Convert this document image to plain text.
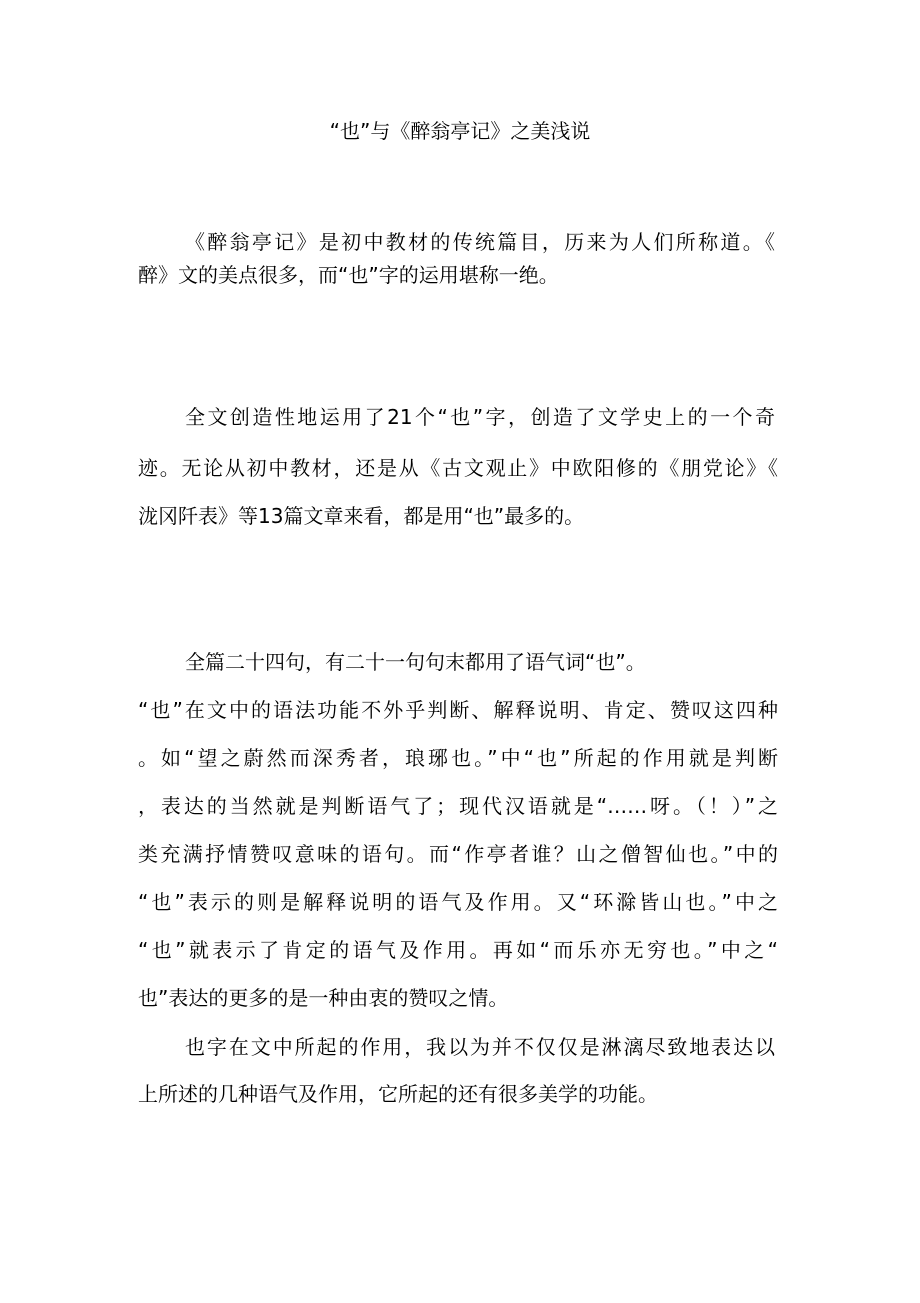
“也”与《醉翁亭记》之美浅说
《醉翁亭记》是初中教材的传统篇目，历来为人们所称道。《
醉》文的美点很多，而“也”字的运用堪称一绝。
全文创造性地运用了21个“也”字，创造了文学史上的一个奇
迹。无论从初中教材，还是从《古文观止》中欧阳修的《朋党论》《
泷冈阡表》等13篇文章来看，都是用“也”最多的。
全篇二十四句，有二十一句句末都用了语气词“也”。
“也”在文中的语法功能不外乎判断、解释说明、肯定、赞叹这四种
。如“望之蔚然而深秀者，琅琊也。”中“也”所起的作用就是判断
，表达的当然就是判断语气了；现代汉语就是“……呀。（！）”之
类充满抒情赞叹意味的语句。而“作亭者谁？山之僧智仙也。”中的
“也”表示的则是解释说明的语气及作用。又“环滁皆山也。”中之
“也”就表示了肯定的语气及作用。再如“而乐亦无穷也。”中之“
也”表达的更多的是一种由衷的赞叹之情。
也字在文中所起的作用，我以为并不仅仅是淋漓尽致地表达以
上所述的几种语气及作用，它所起的还有很多美学的功能。
